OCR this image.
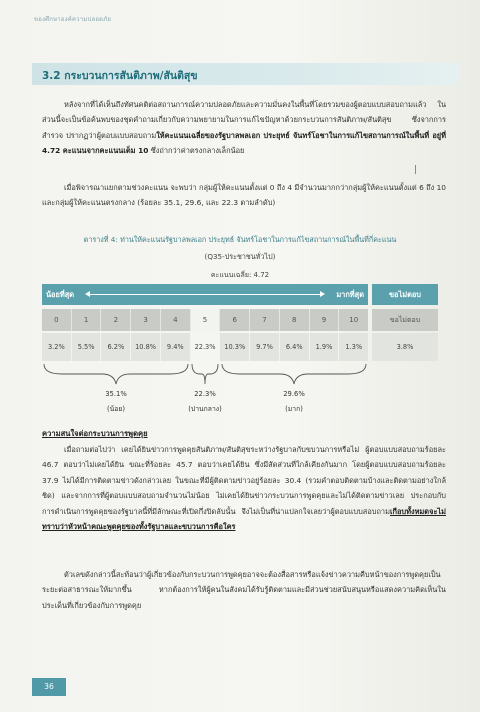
ของศึกษาองค์ความปลอดภัย
3.2 กระบวนการสันติภาพ/สันติสุข
หลังจากที่ได้เห็นถึงทัศนคติต่อสถานการณ์ความปลอดภัยและความมั่นคงในพื้นที่โดยรวมของผู้ตอบแบบสอบถามแล้ว ในส่วนนี้จะเป็นข้อค้นพบของชุดคำถามเกี่ยวกับความพยายามในการแก้ไขปัญหาด้วยกระบวนการสันติภาพ/สันติสุข ซึ่งจากการสำรวจ ปรากฏว่าผู้ตอบแบบสอบถามให้คะแนนเฉลี่ยของรัฐบาลพลเอก ประยุทธ์ จันทร์โอชาในการแก้ไขสถานการณ์ในพื้นที่ อยู่ที่ 4.72 คะแนนจากคะแนนเต็ม 10 ซึ่งถ่ากว่าค่าตรงกลางเล็กน้อย
เมื่อพิจารณาแยกตามช่วงคะแนน จะพบว่า กลุ่มผู้ให้คะแนนตั้งแต่ 0 ถึง 4 มีจำนวนมากกว่ากลุ่มผู้ให้คะแนนตั้งแต่ 6 ถึง 10 และกลุ่มผู้ให้คะแนนตรงกลาง (ร้อยละ 35.1, 29.6, และ 22.3 ตามลำดับ)
ตารางที่ 4: ท่านให้คะแนนรัฐบาลพลเอก ประยุทธ์ จันทร์โอชาในการแก้ไขสถานการณ์ในพื้นที่กี่คะแนน
(Q35-ประชาชนทั่วไป)
คะแนนเฉลี่ย: 4.72
น้อยที่สุด	มากที่สุด	ขอไม่ตอบ
0	1	2	3	4	5	6	7	8	9	10	ขอไม่ตอบ
3.2%	5.5%	6.2%	10.8%	9.4%	22.3%	10.3%	9.7%	6.4%	1.9%	1.3%	3.8%
35.1%
(น้อย)
22.3%
(ปานกลาง)
29.6%
(มาก)
ความสนใจต่อกระบวนการพูดคุย
เมื่อถามต่อไปว่า เคยได้ยินข่าวการพูดคุยสันติภาพ/สันติสุขระหว่างรัฐบาลกับขบวนการหรือไม่ ผู้ตอบแบบสอบถามร้อยละ 46.7 ตอบว่าไม่เคยได้ยิน ขณะที่ร้อยละ 45.7 ตอบว่าเคยได้ยิน ซึ่งมีสัดส่วนที่ใกล้เคียงกันมาก โดยผู้ตอบแบบสอบถามร้อยละ 37.9 ไม่ได้มีการติดตามข่าวดังกล่าวเลย ในขณะที่มีผู้ติดตามข่าวอยู่ร้อยละ 30.4 (รวมคำตอบติดตามบ้างและติดตามอย่างใกล้ชิด) และจากการที่ผู้ตอบแบบสอบถามจำนวนไม่น้อย ไม่เคยได้ยินข่าวกระบวนการพูดคุยและไม่ได้ติดตามข่าวเลย ประกอบกับการดำเนินการพูดคุยของรัฐบาลนี้ที่มีลักษณะที่เปิดกึ่งปิดลับนั้น จึงไม่เป็นที่น่าแปลกใจเลยว่าผู้ตอบแบบสอบถามเกือบทั้งหมดจะไม่ทราบว่าหัวหน้าคณะพูดคุยของทั้งรัฐบาลและขบวนการคือใคร
ตัวเลขดังกล่าวนี้สะท้อนว่าผู้เกี่ยวข้องกับกระบวนการพูดคุยอาจจะต้องสื่อสารหรือแจ้งข่าวความคืบหน้าของการพูดคุยเป็นระยะต่อสาธารณะให้มากขึ้น หากต้องการให้ผู้คนในสังคมได้รับรู้ติดตามและมีส่วนช่วยสนับสนุนหรือแสดงความคิดเห็นในประเด็นที่เกี่ยวข้องกับการพูดคุย
36
